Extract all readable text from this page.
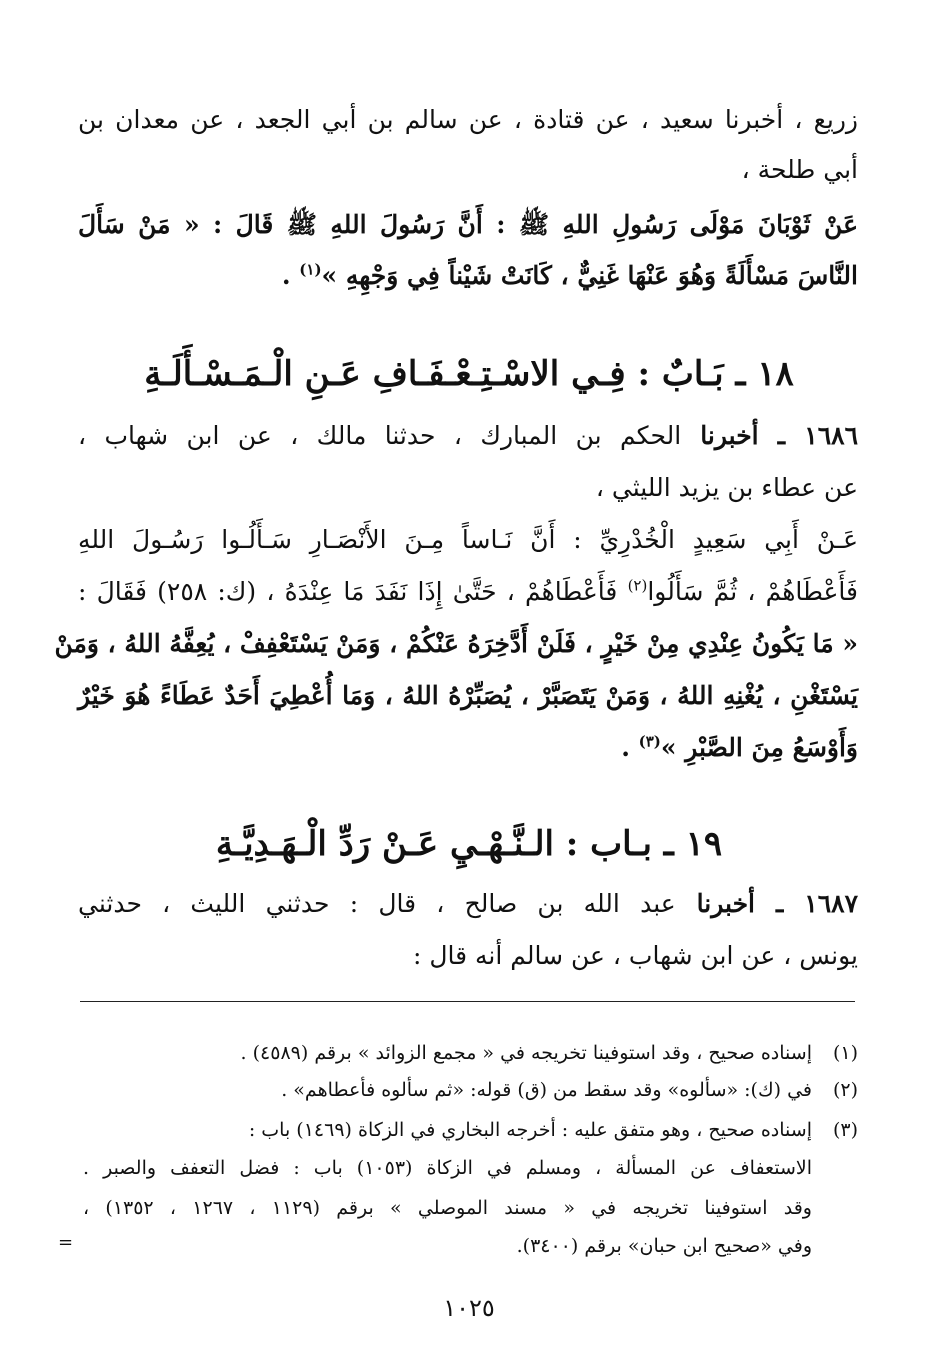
زريع ، أخبرنا سعيد ، عن قتادة ، عن سالم بن أبي الجعد ، عن معدان بن
أبي طلحة ،
عَنْ ثَوْبَانَ مَوْلَى رَسُولِ اللهِ ﷺ : أَنَّ رَسُولَ اللهِ ﷺ قَالَ : « مَنْ سَأَلَ
النَّاسَ مَسْأَلَةً وَهُوَ عَنْهَا غَنِيٌّ ، كَانَتْ شَيْناً فِي وَجْهِهِ »$^{(١)}$ .
١٨ ـ بَـابٌ : فِـي الاسْـتِـعْـفَـافِ عَـنِ الْـمَـسْـأَلَـةِ
١٦٨٦ ـ أخبرنا الحكم بن المبارك ، حدثنا مالك ، عن ابن شهاب ،
عن عطاء بن يزيد الليثي ،
عَـنْ أَبِي سَعِيدٍ الْخُدْرِيِّ : أَنَّ نَـاساً مِـنَ الأَنْصَـارِ سَـأَلُـوا رَسُـولَ اللهِ
فَأَعْطَاهُمْ ، ثُمَّ سَأَلُوا$^{(٢)}$ فَأَعْطَاهُمْ ، حَتَّىٰ إِذَا نَفَدَ مَا عِنْدَهُ ، (ك: ٢٥٨) فَقَالَ :
« مَا يَكُونُ عِنْدِي مِنْ خَيْرٍ ، فَلَنْ أَدَّخِرَهُ عَنْكُمْ ، وَمَنْ يَسْتَعْفِفْ ، يُعِفَّهُ اللهُ ، وَمَنْ
يَسْتَغْنِ ، يُغْنِهِ اللهُ ، وَمَنْ يَتَصَبَّرْ ، يُصَبِّرْهُ اللهُ ، وَمَا أُعْطِيَ أَحَدٌ عَطَاءً هُوَ خَيْرٌ
وَأَوْسَعُ مِنَ الصَّبْرِ »$^{(٣)}$ .
١٩ ـ بـاب : الـنَّـهْـيِ عَـنْ رَدِّ الْـهَـدِيَّـةِ
١٦٨٧ ـ أخبرنا عبد الله بن صالح ، قال : حدثني الليث ، حدثني
يونس ، عن ابن شهاب ، عن سالم أنه قال :
(١)إسناده صحيح ، وقد استوفينا تخريجه في « مجمع الزوائد » برقم (٤٥٨٩) .
(٢)في (ك): «سألوه» وقد سقط من (ق) قوله: «ثم سألوه فأعطاهم» .
(٣)إسناده صحيح ، وهو متفق عليه : أخرجه البخاري في الزكاة (١٤٦٩) باب :
الاستعفاف عن المسألة ، ومسلم في الزكاة (١٠٥٣) باب : فضل التعفف والصبر .
وقد استوفينا تخريجه في « مسند الموصلي » برقم (١١٢٩ ، ١٢٦٧ ، ١٣٥٢) ،
وفي «صحيح ابن حبان» برقم (٣٤٠٠).
=
١٠٢٥
